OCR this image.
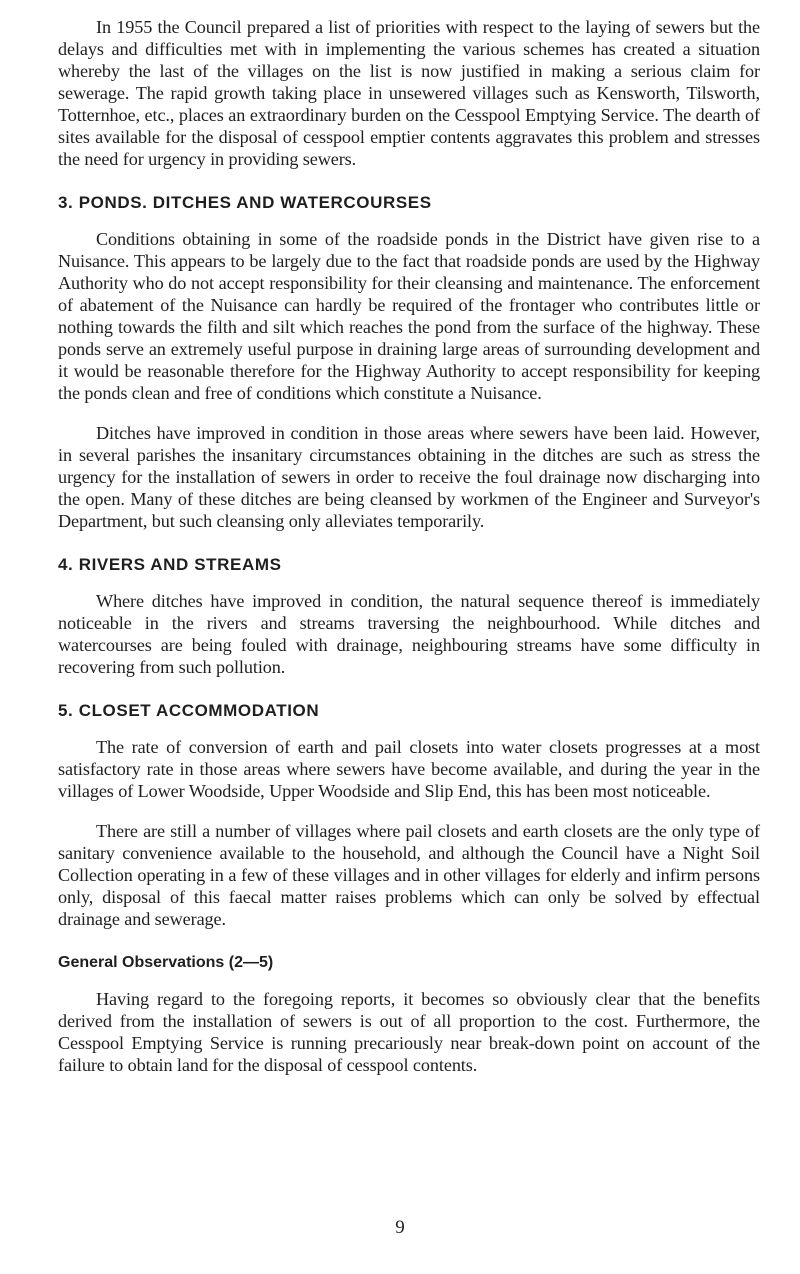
In 1955 the Council prepared a list of priorities with respect to the laying of sewers but the delays and difficulties met with in implementing the various schemes has created a situation whereby the last of the villages on the list is now justified in making a serious claim for sewerage. The rapid growth taking place in unsewered villages such as Kensworth, Tilsworth, Totternhoe, etc., places an extraordinary burden on the Cesspool Emptying Service. The dearth of sites available for the disposal of cesspool emptier contents aggravates this problem and stresses the need for urgency in providing sewers.

3. PONDS. DITCHES AND WATERCOURSES

Conditions obtaining in some of the roadside ponds in the District have given rise to a Nuisance. This appears to be largely due to the fact that roadside ponds are used by the Highway Authority who do not accept responsibility for their cleansing and maintenance. The enforcement of abatement of the Nuisance can hardly be required of the frontager who contributes little or nothing towards the filth and silt which reaches the pond from the surface of the highway. These ponds serve an extremely useful purpose in draining large areas of surrounding development and it would be reasonable therefore for the Highway Authority to accept responsibility for keeping the ponds clean and free of conditions which constitute a Nuisance.

Ditches have improved in condition in those areas where sewers have been laid. However, in several parishes the insanitary circumstances obtaining in the ditches are such as stress the urgency for the installation of sewers in order to receive the foul drainage now discharging into the open. Many of these ditches are being cleansed by workmen of the Engineer and Surveyor's Department, but such cleansing only alleviates temporarily.

4. RIVERS AND STREAMS

Where ditches have improved in condition, the natural sequence thereof is immediately noticeable in the rivers and streams traversing the neighbourhood. While ditches and watercourses are being fouled with drainage, neighbouring streams have some difficulty in recovering from such pollution.

5. CLOSET ACCOMMODATION

The rate of conversion of earth and pail closets into water closets progresses at a most satisfactory rate in those areas where sewers have become available, and during the year in the villages of Lower Woodside, Upper Woodside and Slip End, this has been most noticeable.

There are still a number of villages where pail closets and earth closets are the only type of sanitary convenience available to the household, and although the Council have a Night Soil Collection operating in a few of these villages and in other villages for elderly and infirm persons only, disposal of this faecal matter raises problems which can only be solved by effectual drainage and sewerage.

General Observations (2—5)

Having regard to the foregoing reports, it becomes so obviously clear that the benefits derived from the installation of sewers is out of all proportion to the cost. Furthermore, the Cesspool Emptying Service is running precariously near break-down point on account of the failure to obtain land for the disposal of cesspool contents.

9
